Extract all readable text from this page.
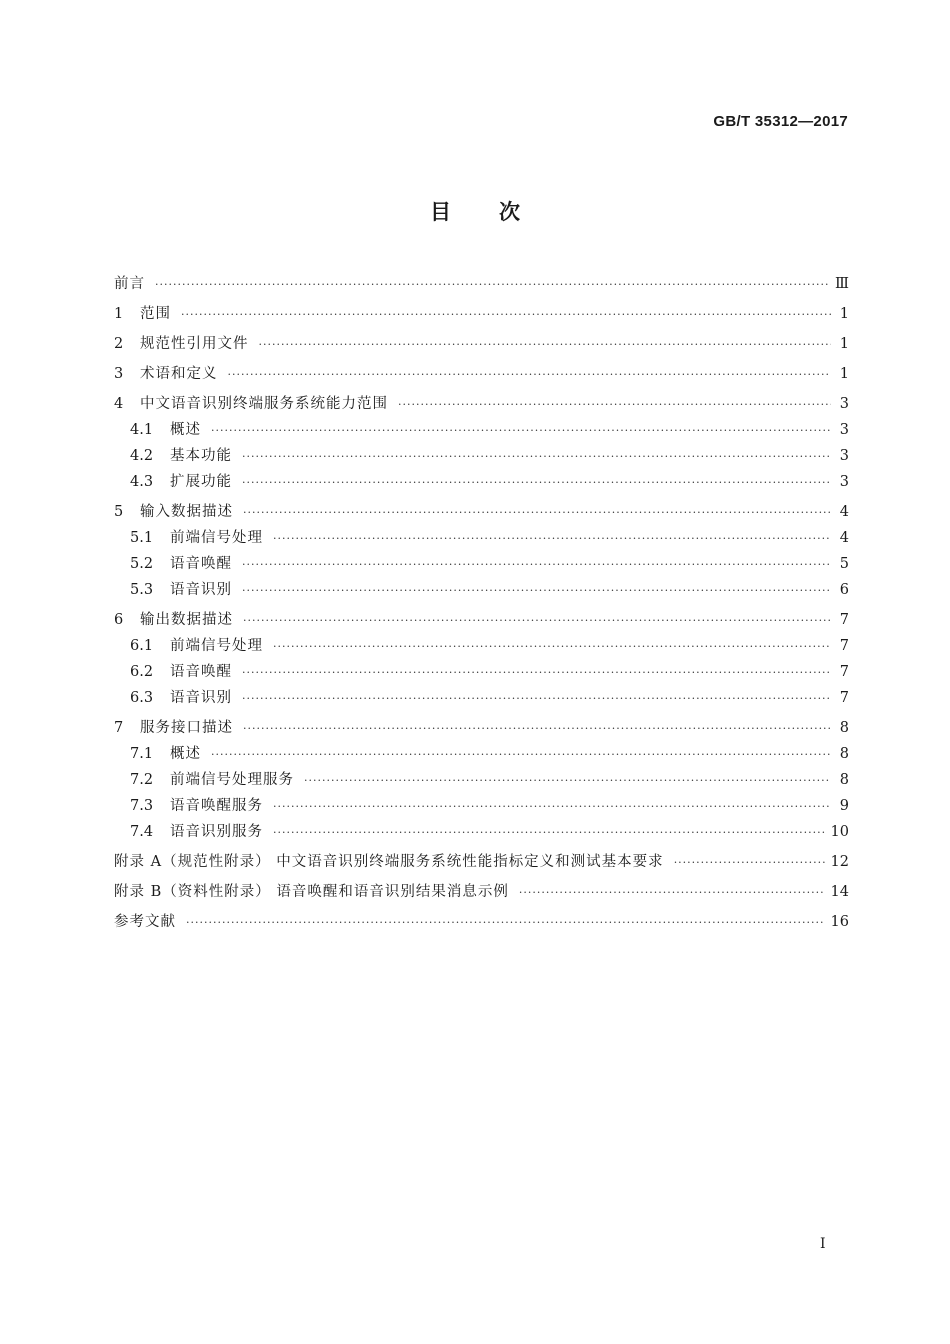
GB/T 35312—2017
目次
前言 ·····	Ⅲ
1	范围 ·····	1
2	规范性引用文件 ·····	1
3	术语和定义 ·····	1
4	中文语音识别终端服务系统能力范围 ·····	3
4.1	概述 ·····	3
4.2	基本功能 ·····	3
4.3	扩展功能 ·····	3
5	输入数据描述 ·····	4
5.1	前端信号处理 ·····	4
5.2	语音唤醒 ·····	5
5.3	语音识别 ·····	6
6	输出数据描述 ·····	7
6.1	前端信号处理 ·····	7
6.2	语音唤醒 ·····	7
6.3	语音识别 ·····	7
7	服务接口描述 ·····	8
7.1	概述 ·····	8
7.2	前端信号处理服务 ·····	8
7.3	语音唤醒服务 ·····	9
7.4	语音识别服务 ·····	10
附录 A（规范性附录） 中文语音识别终端服务系统性能指标定义和测试基本要求 ·····	12
附录 B（资料性附录） 语音唤醒和语音识别结果消息示例 ·····	14
参考文献 ·····	16
Ⅰ
